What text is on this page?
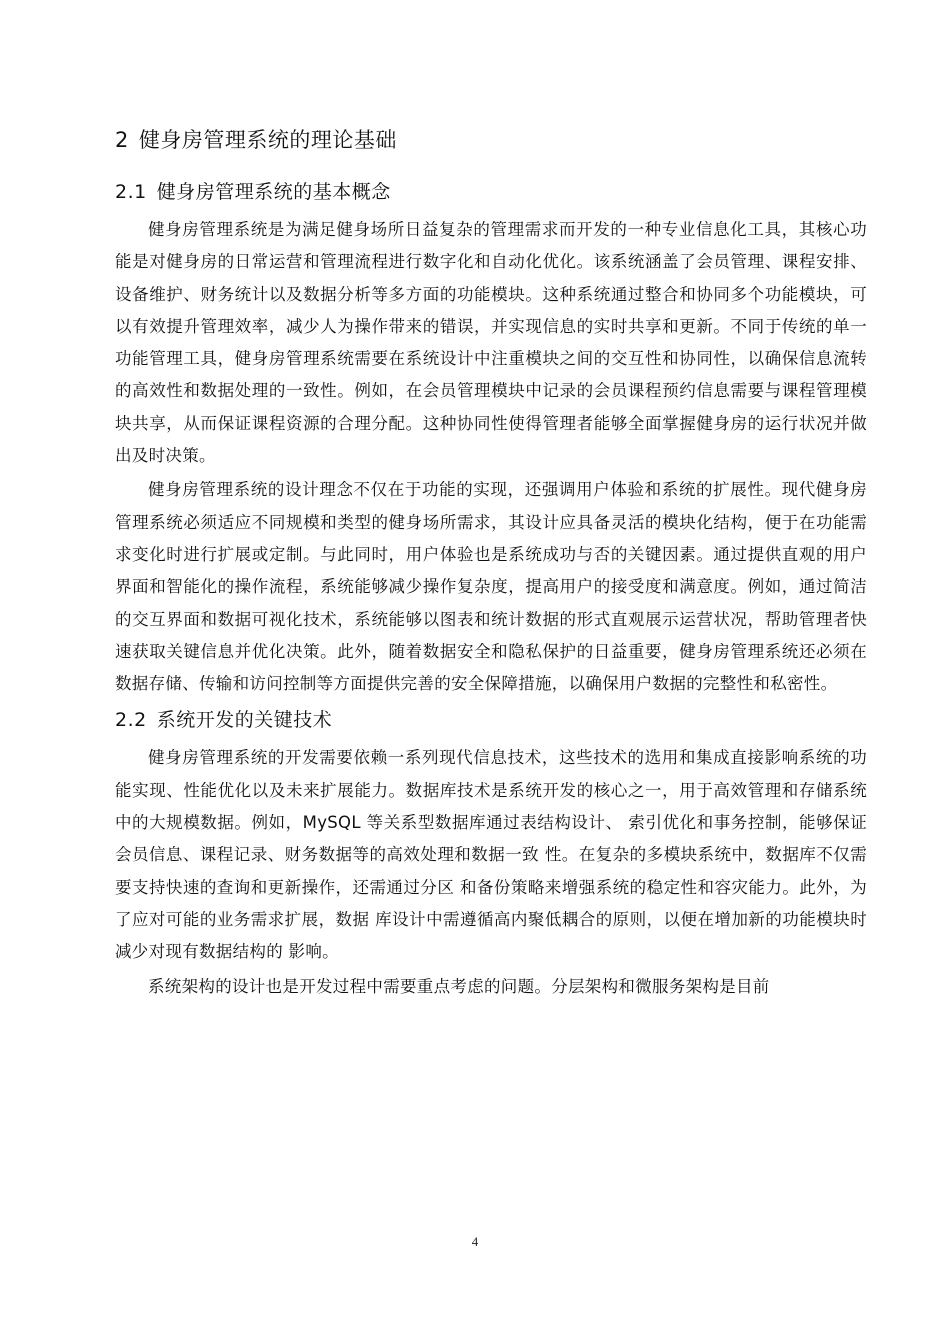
2 健身房管理系统的理论基础
2.1 健身房管理系统的基本概念

健身房管理系统是为满足健身场所日益复杂的管理需求而开发的一种专业信息化工具，其核心功能是对健身房的日常运营和管理流程进行数字化和自动化优化。该系统涵盖了会员管理、课程安排、设备维护、财务统计以及数据分析等多方面的功能模块。这种系统通过整合和协同多个功能模块，可以有效提升管理效率，减少人为操作带来的错误，并实现信息的实时共享和更新。不同于传统的单一功能管理工具，健身房管理系统需要在系统设计中注重模块之间的交互性和协同性，以确保信息流转的高效性和数据处理的一致性。例如，在会员管理模块中记录的会员课程预约信息需要与课程管理模块共享，从而保证课程资源的合理分配。这种协同性使得管理者能够全面掌握健身房的运行状况并做出及时决策。

健身房管理系统的设计理念不仅在于功能的实现，还强调用户体验和系统的扩展性。现代健身房管理系统必须适应不同规模和类型的健身场所需求，其设计应具备灵活的模块化结构，便于在功能需求变化时进行扩展或定制。与此同时，用户体验也是系统成功与否的关键因素。通过提供直观的用户界面和智能化的操作流程，系统能够减少操作复杂度，提高用户的接受度和满意度。例如，通过简洁的交互界面和数据可视化技术，系统能够以图表和统计数据的形式直观展示运营状况，帮助管理者快速获取关键信息并优化决策。此外，随着数据安全和隐私保护的日益重要，健身房管理系统还必须在数据存储、传输和访问控制等方面提供完善的安全保障措施，以确保用户数据的完整性和私密性。

2.2 系统开发的关键技术

健身房管理系统的开发需要依赖一系列现代信息技术，这些技术的选用和集成直接影响系统的功能实现、性能优化以及未来扩展能力。数据库技术是系统开发的核心之一，用于高效管理和存储系统中的大规模数据。例如，MySQL 等关系型数据库通过表结构设计、 索引优化和事务控制，能够保证会员信息、课程记录、财务数据等的高效处理和数据一致 性。在复杂的多模块系统中，数据库不仅需要支持快速的查询和更新操作，还需通过分区 和备份策略来增强系统的稳定性和容灾能力。此外，为了应对可能的业务需求扩展，数据 库设计中需遵循高内聚低耦合的原则，以便在增加新的功能模块时减少对现有数据结构的 影响。

系统架构的设计也是开发过程中需要重点考虑的问题。分层架构和微服务架构是目前

4
